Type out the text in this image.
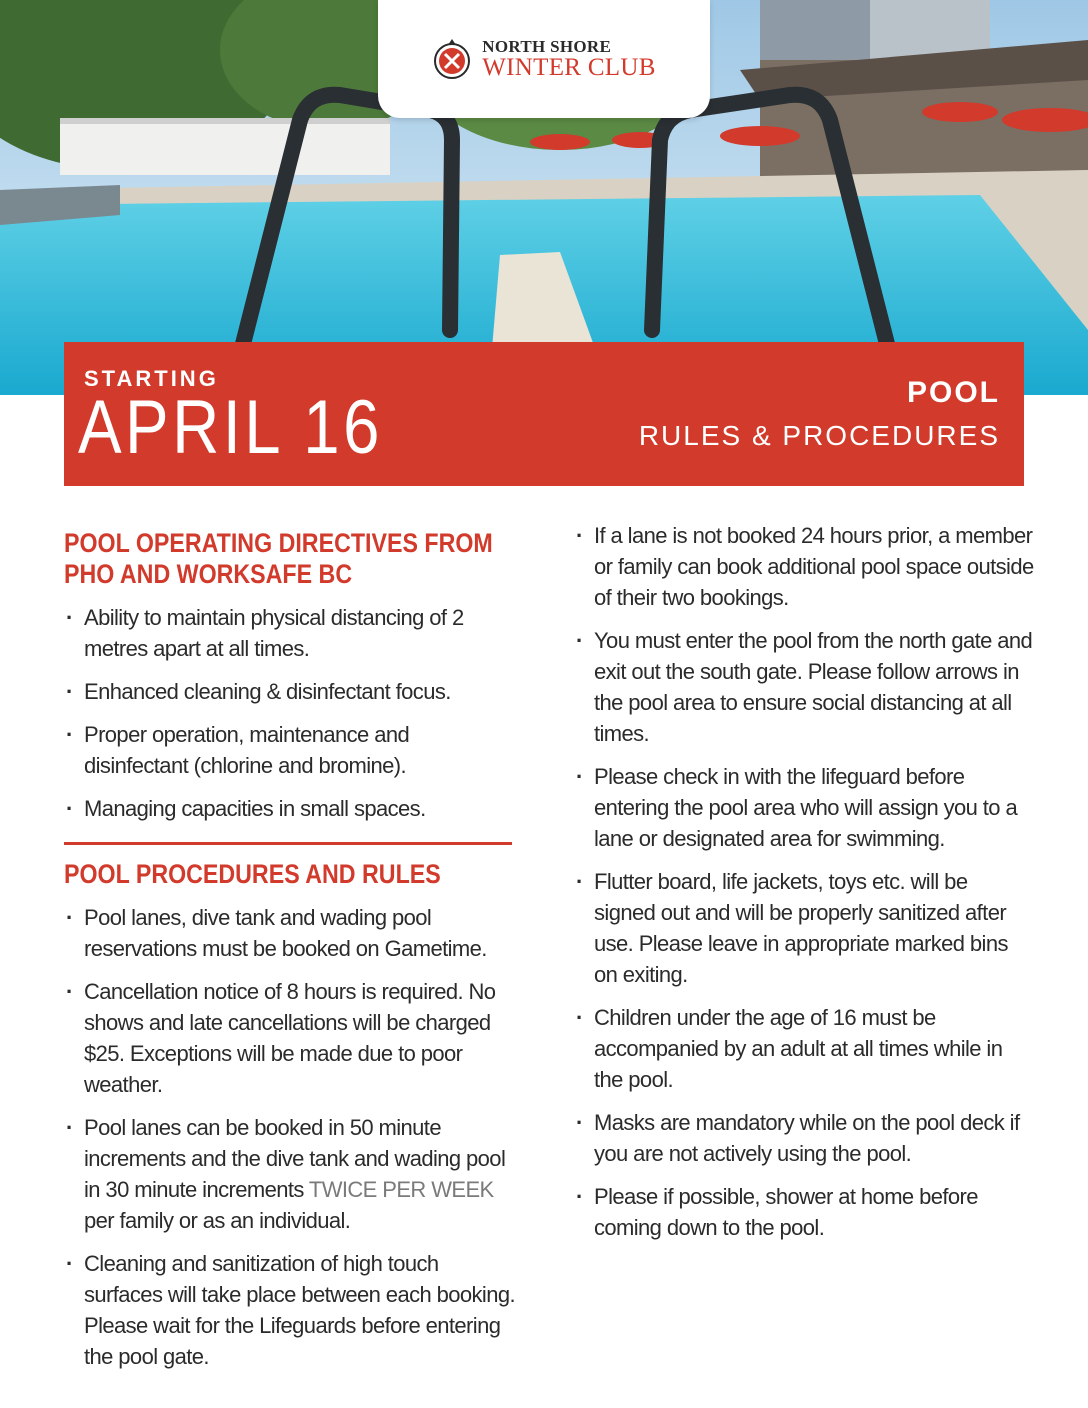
NORTH SHORE
WINTER CLUB
STARTING
APRIL 16	POOL
RULES & PROCEDURES
POOL OPERATING DIRECTIVES FROM PHO AND WORKSAFE BC
· Ability to maintain physical distancing of 2 metres apart at all times.
· Enhanced cleaning & disinfectant focus.
· Proper operation, maintenance and disinfectant (chlorine and bromine).
· Managing capacities in small spaces.
POOL PROCEDURES AND RULES
· Pool lanes, dive tank and wading pool reservations must be booked on Gametime.
· Cancellation notice of 8 hours is required. No shows and late cancellations will be charged $25. Exceptions will be made due to poor weather.
· Pool lanes can be booked in 50 minute increments and the dive tank and wading pool in 30 minute increments TWICE PER WEEK per family or as an individual.
· Cleaning and sanitization of high touch surfaces will take place between each booking. Please wait for the Lifeguards before entering the pool gate.
· If a lane is not booked 24 hours prior, a member or family can book additional pool space outside of their two bookings.
· You must enter the pool from the north gate and exit out the south gate. Please follow arrows in the pool area to ensure social distancing at all times.
· Please check in with the lifeguard before entering the pool area who will assign you to a lane or designated area for swimming.
· Flutter board, life jackets, toys etc. will be signed out and will be properly sanitized after use. Please leave in appropriate marked bins on exiting.
· Children under the age of 16 must be accompanied by an adult at all times while in the pool.
· Masks are mandatory while on the pool deck if you are not actively using the pool.
· Please if possible, shower at home before coming down to the pool.
